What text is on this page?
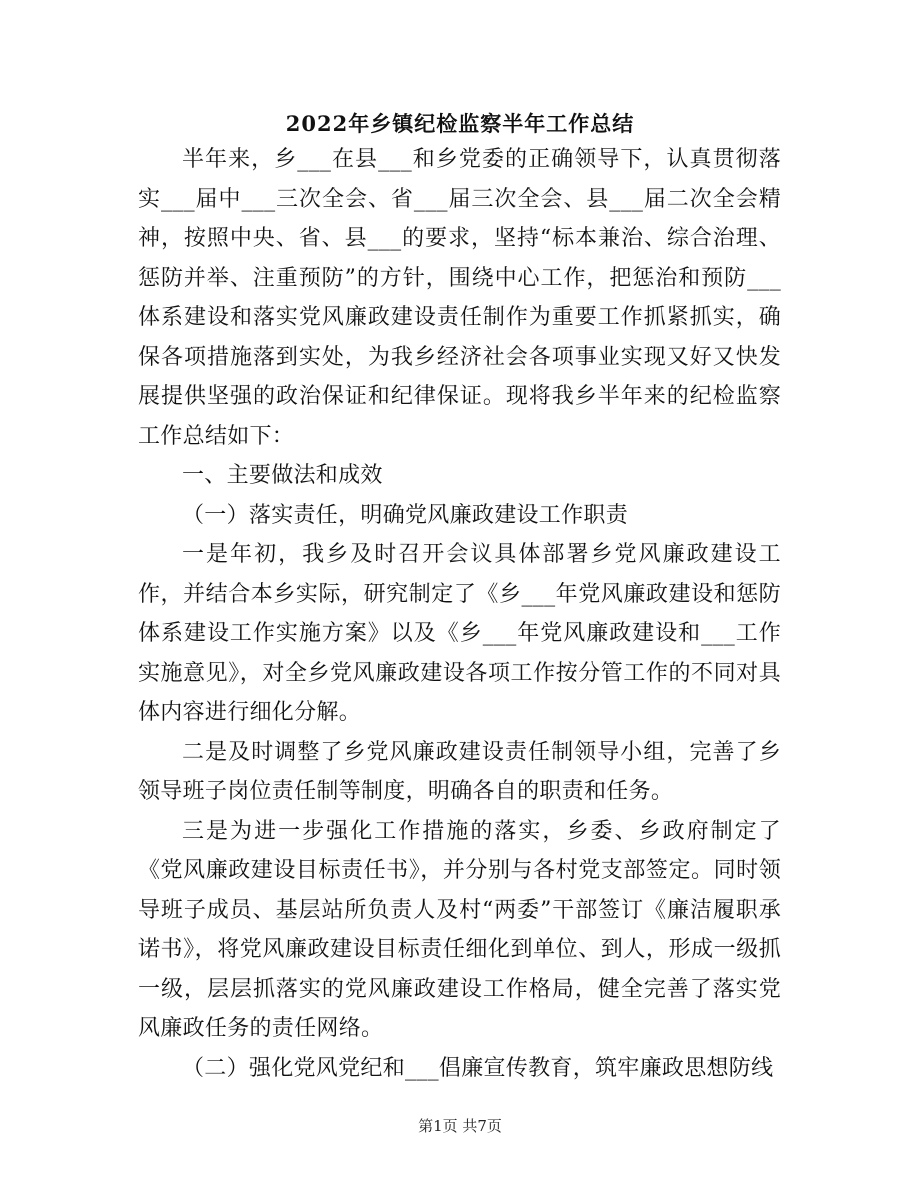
2022年乡镇纪检监察半年工作总结

半年来，乡___在县___和乡党委的正确领导下，认真贯彻落实___届中___三次全会、省___届三次全会、县___届二次全会精神，按照中央、省、县___的要求，坚持“标本兼治、综合治理、惩防并举、注重预防”的方针，围绕中心工作，把惩治和预防___体系建设和落实党风廉政建设责任制作为重要工作抓紧抓实，确保各项措施落到实处，为我乡经济社会各项事业实现又好又快发展提供坚强的政治保证和纪律保证。现将我乡半年来的纪检监察工作总结如下：

一、主要做法和成效

（一）落实责任，明确党风廉政建设工作职责

一是年初，我乡及时召开会议具体部署乡党风廉政建设工作，并结合本乡实际，研究制定了《乡___年党风廉政建设和惩防体系建设工作实施方案》以及《乡___年党风廉政建设和___工作实施意见》，对全乡党风廉政建设各项工作按分管工作的不同对具体内容进行细化分解。

二是及时调整了乡党风廉政建设责任制领导小组，完善了乡领导班子岗位责任制等制度，明确各自的职责和任务。

三是为进一步强化工作措施的落实，乡委、乡政府制定了《党风廉政建设目标责任书》，并分别与各村党支部签定。同时领导班子成员、基层站所负责人及村“两委”干部签订《廉洁履职承诺书》，将党风廉政建设目标责任细化到单位、到人，形成一级抓一级，层层抓落实的党风廉政建设工作格局，健全完善了落实党风廉政任务的责任网络。

（二）强化党风党纪和___倡廉宣传教育，筑牢廉政思想防线

第1页 共7页
